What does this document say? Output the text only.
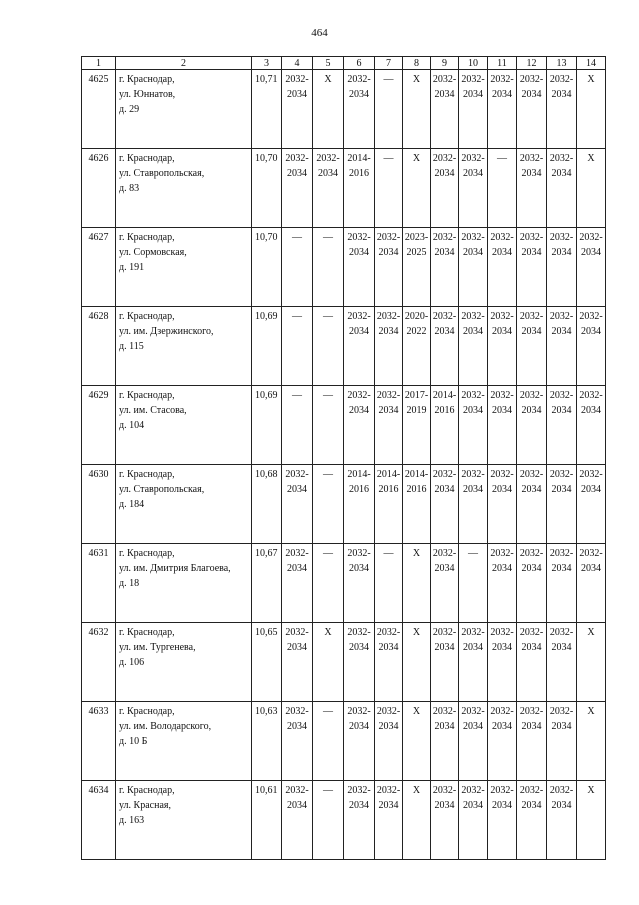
464
1	2	3	4	5	6	7	8	9	10	11	12	13	14
4625	г. Краснодар,
ул. Юннатов,
д. 29	10,71	2032-
2034	Х	2032-
2034	—	Х	2032-
2034	2032-
2034	2032-
2034	2032-
2034	2032-
2034	Х
4626	г. Краснодар,
ул. Ставропольская,
д. 83	10,70	2032-
2034	2032-
2034	2014-
2016	—	Х	2032-
2034	2032-
2034	—	2032-
2034	2032-
2034	Х
4627	г. Краснодар,
ул. Сормовская,
д. 191	10,70	—	—	2032-
2034	2032-
2034	2023-
2025	2032-
2034	2032-
2034	2032-
2034	2032-
2034	2032-
2034	2032-
2034

4628	г. Краснодар,
ул. им. Дзержинского,
д. 115	10,69	—	—	2032-
2034	2032-
2034	2020-
2022	2032-
2034	2032-
2034	2032-
2034	2032-
2034	2032-
2034	2032-
2034

4629	г. Краснодар,
ул. им. Стасова,
д. 104	10,69	—	—	2032-
2034	2032-
2034	2017-
2019	2014-
2016	2032-
2034	2032-
2034	2032-
2034	2032-
2034	2032-
2034

4630	г. Краснодар,
ул. Ставропольская,
д. 184	10,68	2032-
2034	—	2014-
2016	2014-
2016	2014-
2016	2032-
2034	2032-
2034	2032-
2034	2032-
2034	2032-
2034	2032-
2034

4631	г. Краснодар,
ул. им. Дмитрия Благоева,
д. 18	10,67	2032-
2034	—	2032-
2034	—	Х	2032-
2034	—	2032-
2034	2032-
2034	2032-
2034	2032-
2034

4632	г. Краснодар,
ул. им. Тургенева,
д. 106	10,65	2032-
2034	Х	2032-
2034	2032-
2034	Х	2032-
2034	2032-
2034	2032-
2034	2032-
2034	2032-
2034	Х
4633	г. Краснодар,
ул. им. Володарского,
д. 10 Б	10,63	2032-
2034	—	2032-
2034	2032-
2034	Х	2032-
2034	2032-
2034	2032-
2034	2032-
2034	2032-
2034	Х
4634	г. Краснодар,
ул. Красная,
д. 163	10,61	2032-
2034	—	2032-
2034	2032-
2034	Х	2032-
2034	2032-
2034	2032-
2034	2032-
2034	2032-
2034	Х
